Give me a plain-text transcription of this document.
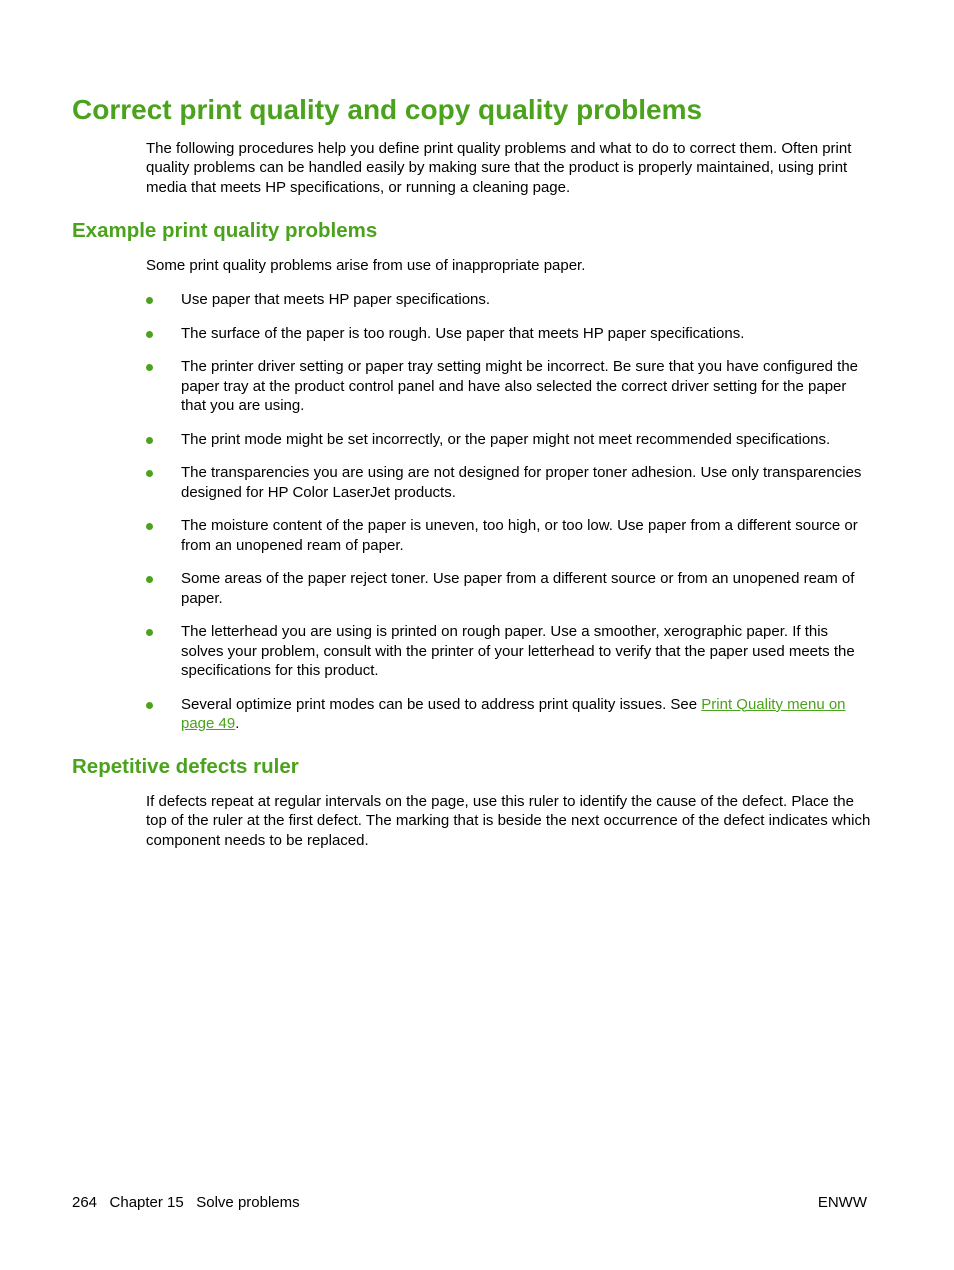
Correct print quality and copy quality problems

The following procedures help you define print quality problems and what to do to correct them. Often print quality problems can be handled easily by making sure that the product is properly maintained, using print media that meets HP specifications, or running a cleaning page.

Example print quality problems

Some print quality problems arise from use of inappropriate paper.

Use paper that meets HP paper specifications.
The surface of the paper is too rough. Use paper that meets HP paper specifications.
The printer driver setting or paper tray setting might be incorrect. Be sure that you have configured the paper tray at the product control panel and have also selected the correct driver setting for the paper that you are using.
The print mode might be set incorrectly, or the paper might not meet recommended specifications.
The transparencies you are using are not designed for proper toner adhesion. Use only transparencies designed for HP Color LaserJet products.
The moisture content of the paper is uneven, too high, or too low. Use paper from a different source or from an unopened ream of paper.
Some areas of the paper reject toner. Use paper from a different source or from an unopened ream of paper.
The letterhead you are using is printed on rough paper. Use a smoother, xerographic paper. If this solves your problem, consult with the printer of your letterhead to verify that the paper used meets the specifications for this product.
Several optimize print modes can be used to address print quality issues. See Print Quality menu on page 49.
Repetitive defects ruler

If defects repeat at regular intervals on the page, use this ruler to identify the cause of the defect. Place the top of the ruler at the first defect. The marking that is beside the next occurrence of the defect indicates which component needs to be replaced.

264   Chapter 15   Solve problems	ENWW
